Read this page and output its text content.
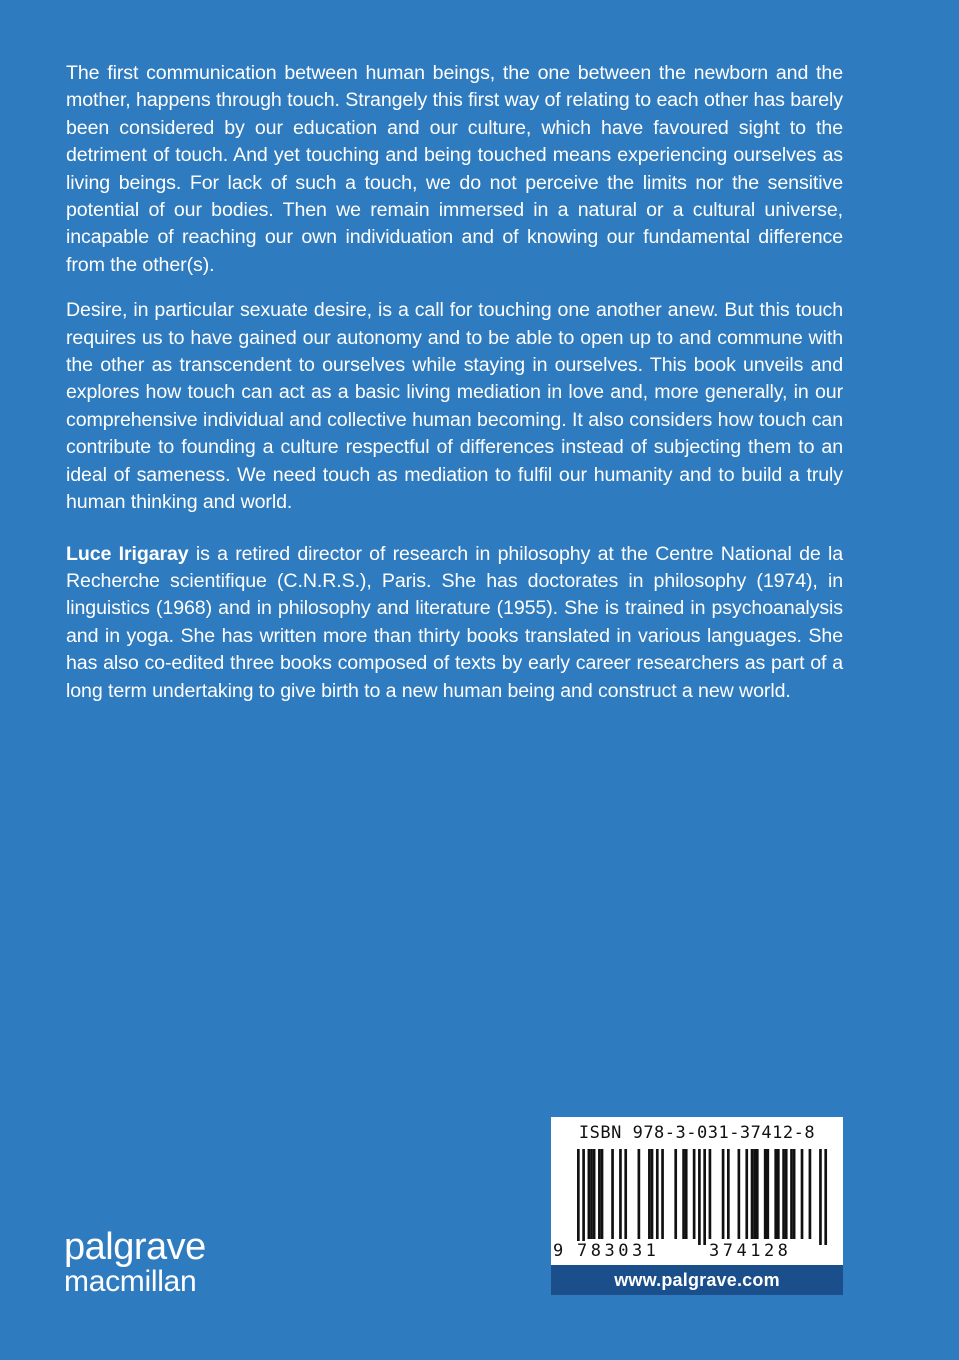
The first communication between human beings, the one between the newborn and the mother, happens through touch. Strangely this first way of relating to each other has barely been considered by our education and our culture, which have favoured sight to the detriment of touch. And yet touching and being touched means experiencing ourselves as living beings. For lack of such a touch, we do not perceive the limits nor the sensitive potential of our bodies. Then we remain immersed in a natural or a cultural universe, incapable of reaching our own individuation and of knowing our fundamental difference from the other(s).

Desire, in particular sexuate desire, is a call for touching one another anew. But this touch requires us to have gained our autonomy and to be able to open up to and commune with the other as transcendent to ourselves while staying in ourselves. This book unveils and explores how touch can act as a basic living mediation in love and, more generally, in our comprehensive individual and collective human becoming. It also considers how touch can contribute to founding a culture respectful of differences instead of subjecting them to an ideal of sameness. We need touch as mediation to fulfil our humanity and to build a truly human thinking and world.

Luce Irigaray is a retired director of research in philosophy at the Centre National de la Recherche scientifique (C.N.R.S.), Paris. She has doctorates in philosophy (1974), in linguistics (1968) and in philosophy and literature (1955). She is trained in psychoanalysis and in yoga. She has written more than thirty books translated in various languages. She has also co-edited three books composed of texts by early career researchers as part of a long term undertaking to give birth to a new human being and construct a new world.

palgrave
macmillan
ISBN 978-3-031-37412-8
9 783031	374128
www.palgrave.com
